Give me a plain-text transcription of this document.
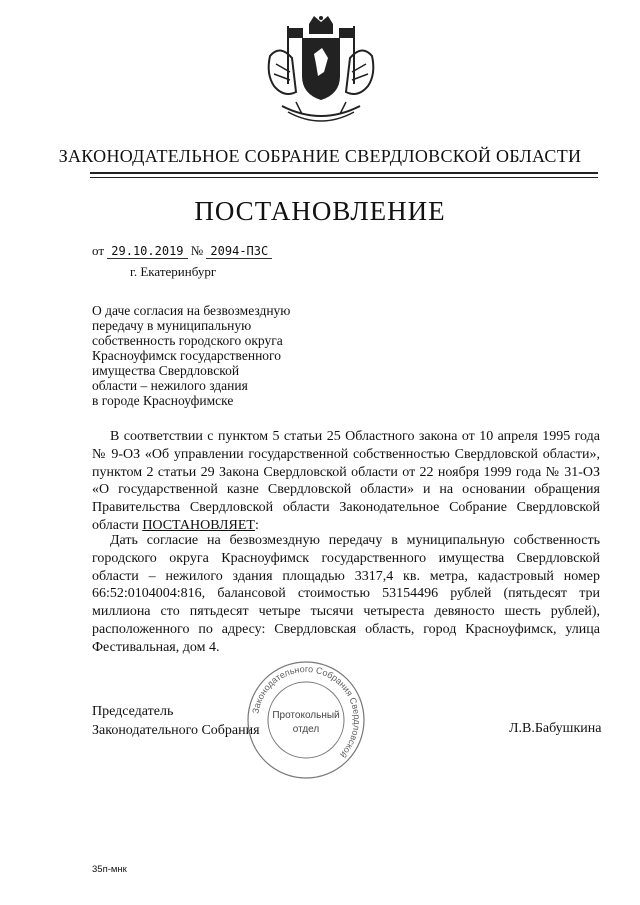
ЗАКОНОДАТЕЛЬНОЕ СОБРАНИЕ СВЕРДЛОВСКОЙ ОБЛАСТИ
ПОСТАНОВЛЕНИЕ
от 29.10.2019 № 2094-ПЗС
г. Екатеринбург
О даче согласия на безвозмездную
передачу в муниципальную
собственность городского округа
Красноуфимск государственного
имущества Свердловской
области – нежилого здания
в городе Красноуфимске
В соответствии с пунктом 5 статьи 25 Областного закона от 10 апреля 1995 года № 9-ОЗ «Об управлении государственной собственностью Свердловской области», пунктом 2 статьи 29 Закона Свердловской области от 22 ноября 1999 года № 31-ОЗ «О государственной казне Свердловской области» и на основании обращения Правительства Свердловской области Законодательное Собрание Свердловской области ПОСТАНОВЛЯЕТ:
Дать согласие на безвозмездную передачу в муниципальную собственность городского округа Красноуфимск государственного имущества Свердловской области – нежилого здания площадью 3317,4 кв. метра, кадастровый номер 66:52:0104004:816, балансовой стоимостью 53154496 рублей (пятьдесят три миллиона сто пятьдесят четыре тысячи четыреста девяносто шесть рублей), расположенного по адресу: Свердловская область, город Красноуфимск, улица Фестивальная, дом 4.
Председатель
Законодательного Собрания
Законодательного Собрания Свердловской
Протокольный
отдел	Л.В.Бабушкина
35п-мнк
